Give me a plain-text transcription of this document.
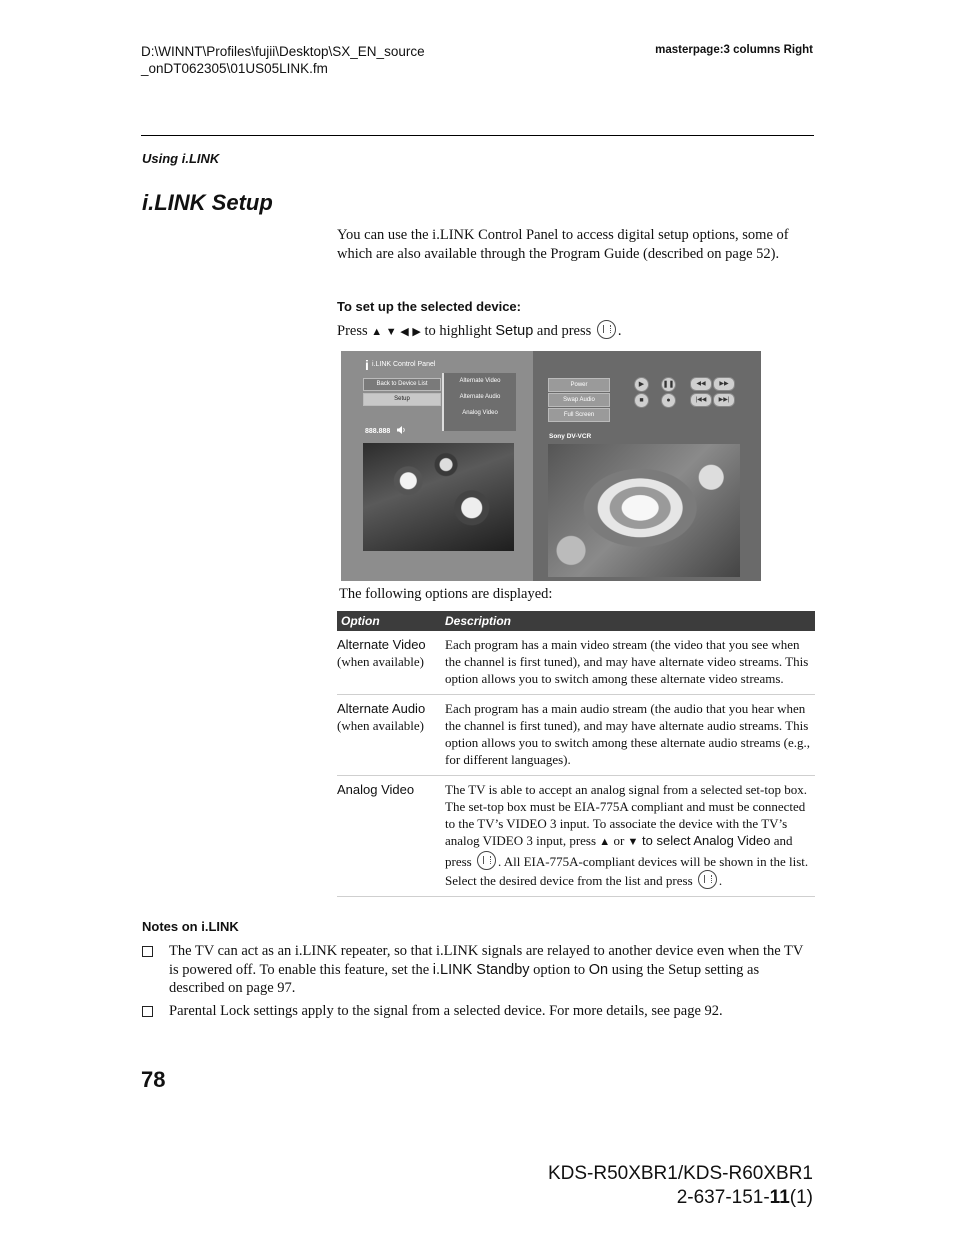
D:\WINNT\Profiles\fujii\Desktop\SX_EN_source
_onDT062305\01US05LINK.fm
masterpage:3 columns Right
Using i.LINK
i.LINK Setup
You can use the i.LINK Control Panel to access digital setup options, some of which are also available through the Program Guide (described on page 52).
To set up the selected device:
Press ▲ ▼ ◀ ▶ to highlight Setup and press .
i i.LINK Control Panel
Back to Device List
Setup
Alternate Video
Alternate Audio
Analog Video
888.888
Power
Swap Audio
Full Screen
▶	❚❚	◀◀	▶▶
■	●	|◀◀	▶▶|
Sony DV-VCR
The following options are displayed:
Option	Description

Alternate Video
(when available)	Each program has a main video stream (the video that you see when the channel is first tuned), and may have alternate video streams. This option allows you to switch among these alternate video streams.

Alternate Audio
(when available)	Each program has a main audio stream (the audio that you hear when the channel is first tuned), and may have alternate audio streams. This option allows you to switch among these alternate audio streams (e.g., for different languages).

Analog Video	The TV is able to accept an analog signal from a selected set-top box. The set-top box must be EIA-775A compliant and must be connected to the TV’s VIDEO 3 input. To associate the device with the TV’s analog VIDEO 3 input, press ▲ or ▼ to select Analog Video and press . All EIA-775A-compliant devices will be shown in the list. Select the desired device from the list and press .
Notes on i.LINK
The TV can act as an i.LINK repeater, so that i.LINK signals are relayed to another device even when the TV is powered off. To enable this feature, set the i.LINK Standby option to On using the Setup setting as described on page 97.
Parental Lock settings apply to the signal from a selected device. For more details, see page 92.
78
KDS-R50XBR1/KDS-R60XBR1
2-637-151-11(1)
